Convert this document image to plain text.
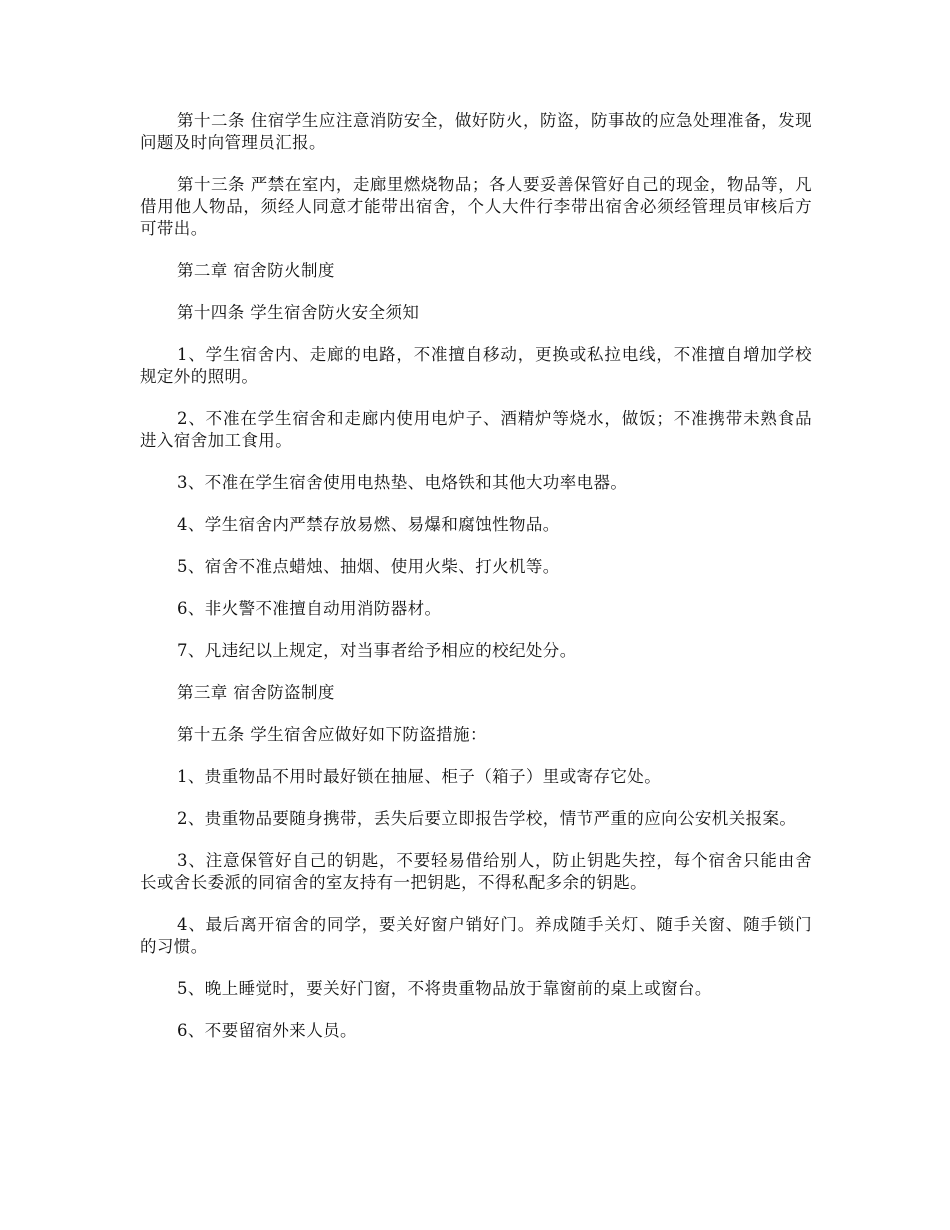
第十二条 住宿学生应注意消防安全，做好防火，防盗，防事故的应急处理准备，发现问题及时向管理员汇报。

第十三条 严禁在室内，走廊里燃烧物品；各人要妥善保管好自己的现金，物品等，凡借用他人物品，须经人同意才能带出宿舍，个人大件行李带出宿舍必须经管理员审核后方可带出。

第二章 宿舍防火制度

第十四条 学生宿舍防火安全须知

1、学生宿舍内、走廊的电路，不准擅自移动，更换或私拉电线，不准擅自增加学校规定外的照明。

2、不准在学生宿舍和走廊内使用电炉子、酒精炉等烧水，做饭；不准携带未熟食品进入宿舍加工食用。

3、不准在学生宿舍使用电热垫、电烙铁和其他大功率电器。

4、学生宿舍内严禁存放易燃、易爆和腐蚀性物品。

5、宿舍不准点蜡烛、抽烟、使用火柴、打火机等。

6、非火警不准擅自动用消防器材。

7、凡违纪以上规定，对当事者给予相应的校纪处分。

第三章 宿舍防盗制度

第十五条 学生宿舍应做好如下防盗措施：

1、贵重物品不用时最好锁在抽屉、柜子（箱子）里或寄存它处。

2、贵重物品要随身携带，丢失后要立即报告学校，情节严重的应向公安机关报案。

3、注意保管好自己的钥匙，不要轻易借给别人，防止钥匙失控，每个宿舍只能由舍长或舍长委派的同宿舍的室友持有一把钥匙，不得私配多余的钥匙。

4、最后离开宿舍的同学，要关好窗户销好门。养成随手关灯、随手关窗、随手锁门的习惯。

5、晚上睡觉时，要关好门窗，不将贵重物品放于靠窗前的桌上或窗台。

6、不要留宿外来人员。
